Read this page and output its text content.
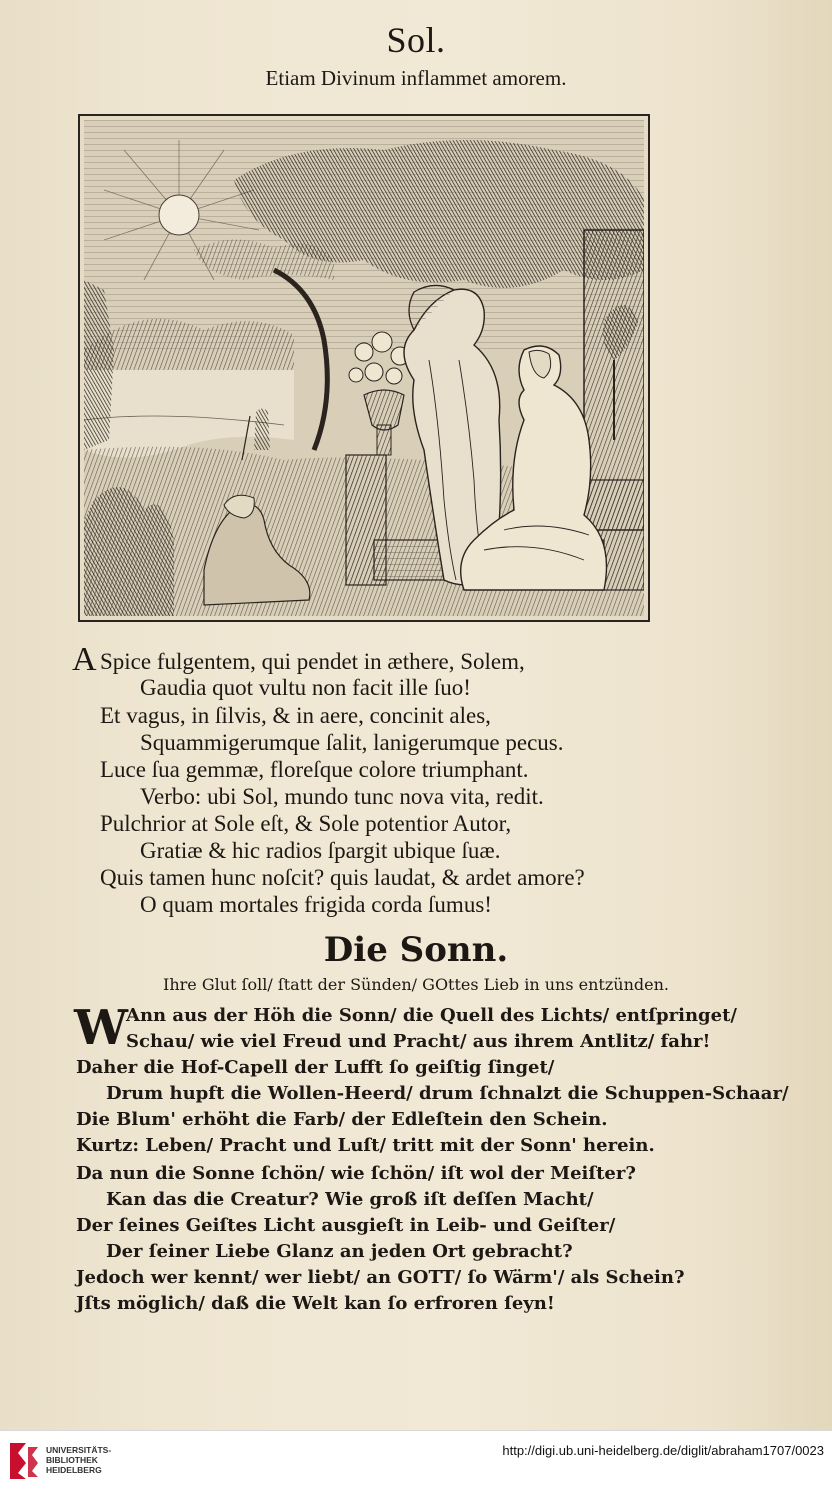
Sol.
Etiam Divinum inflammet amorem.
A Spice fulgentem, qui pendet in æthere, Solem,
Gaudia quot vultu non facit ille ſuo!
Et vagus, in ſilvis, & in aere, concinit ales,
Squammigerumque ſalit, lanigerumque pecus.
Luce ſua gemmæ, floreſque colore triumphant.
Verbo: ubi Sol, mundo tunc nova vita, redit.
Pulchrior at Sole eſt, & Sole potentior Autor,
Gratiæ & hic radios ſpargit ubique ſuæ.
Quis tamen hunc noſcit? quis laudat, & ardet amore?
O quam mortales frigida corda ſumus!
Die Sonn.
Ihre Glut ſoll/ ſtatt der Sünden/ GOttes Lieb in uns entzünden.
W
Ann aus der Höh die Sonn/ die Quell des Lichts/ entſpringet/
Schau/ wie viel Freud und Pracht/ aus ihrem Antlitz/ fahr!
Daher die Hof-Capell der Lufft ſo geiſtig ſinget/
Drum hupft die Wollen-Heerd/ drum ſchnalzt die Schuppen-Schaar/
Die Blum' erhöht die Farb/ der Edleſtein den Schein.
Kurtz: Leben/ Pracht und Luſt/ tritt mit der Sonn' herein.
Da nun die Sonne ſchön/ wie ſchön/ iſt wol der Meiſter?
Kan das die Creatur? Wie groß iſt deſſen Macht/
Der ſeines Geiſtes Licht ausgieſt in Leib- und Geiſter/
Der ſeiner Liebe Glanz an jeden Ort gebracht?
Jedoch wer kennt/ wer liebt/ an GOTT/ ſo Wärm'/ als Schein?
Jſts möglich/ daß die Welt kan ſo erfroren ſeyn!
UNIVERSITÄTS-
BIBLIOTHEK
HEIDELBERG
http://digi.ub.uni-heidelberg.de/diglit/abraham1707/0023
